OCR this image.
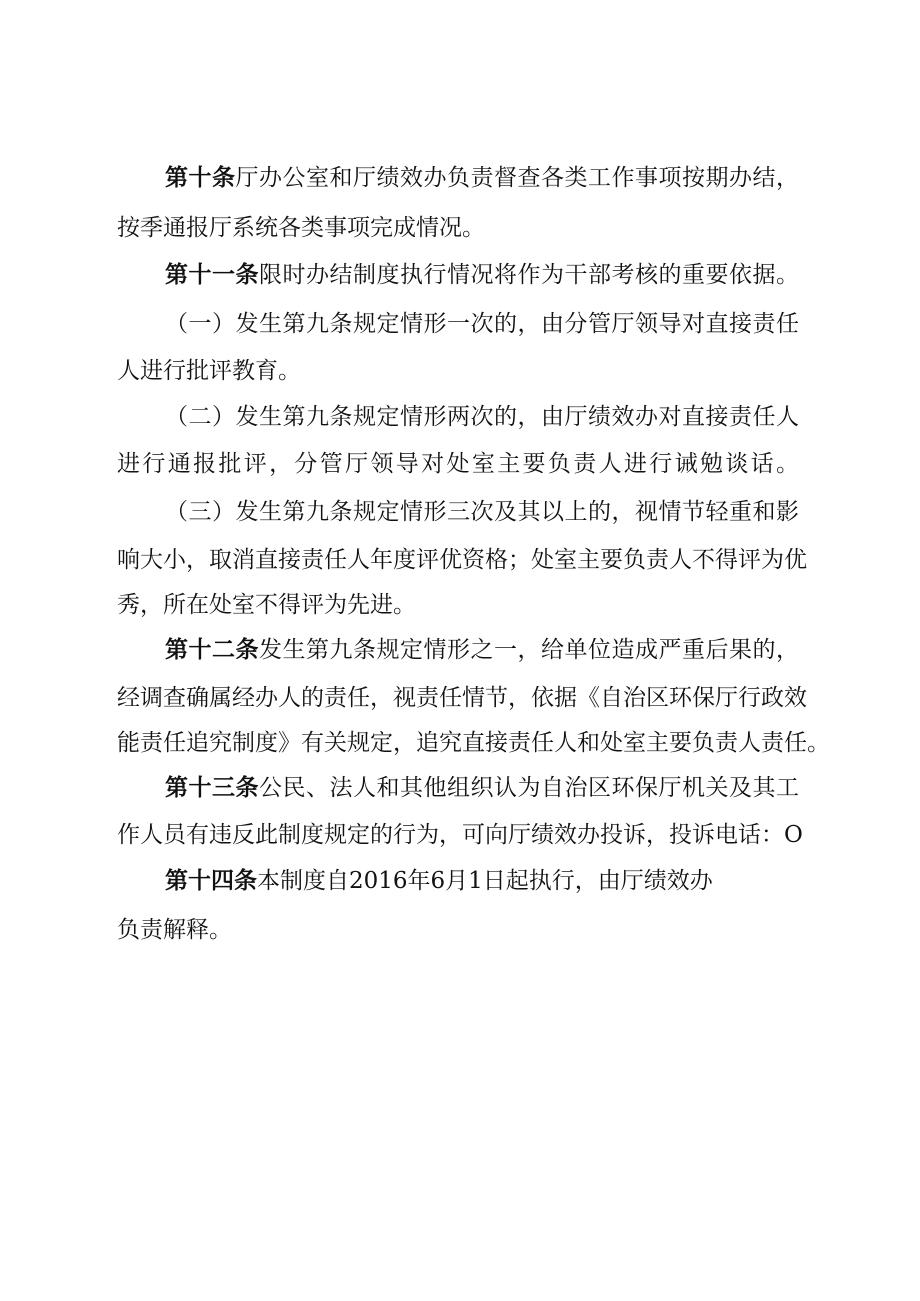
第十条厅办公室和厅绩效办负责督查各类工作事项按期办结，
按季通报厅系统各类事项完成情况。
第十一条限时办结制度执行情况将作为干部考核的重要依据。
（一）发生第九条规定情形一次的，由分管厅领导对直接责任
人进行批评教育。
（二）发生第九条规定情形两次的，由厅绩效办对直接责任人
进行通报批评，分管厅领导对处室主要负责人进行诫勉谈话。
（三）发生第九条规定情形三次及其以上的，视情节轻重和影
响大小，取消直接责任人年度评优资格；处室主要负责人不得评为优
秀，所在处室不得评为先进。
第十二条发生第九条规定情形之一，给单位造成严重后果的，
经调查确属经办人的责任，视责任情节，依据《自治区环保厅行政效
能责任追究制度》有关规定，追究直接责任人和处室主要负责人责任。
第十三条公民、法人和其他组织认为自治区环保厅机关及其工
作人员有违反此制度规定的行为，可向厅绩效办投诉，投诉电话：O
第十四条本制度自2016年6月1日起执行，由厅绩效办
负责解释。
